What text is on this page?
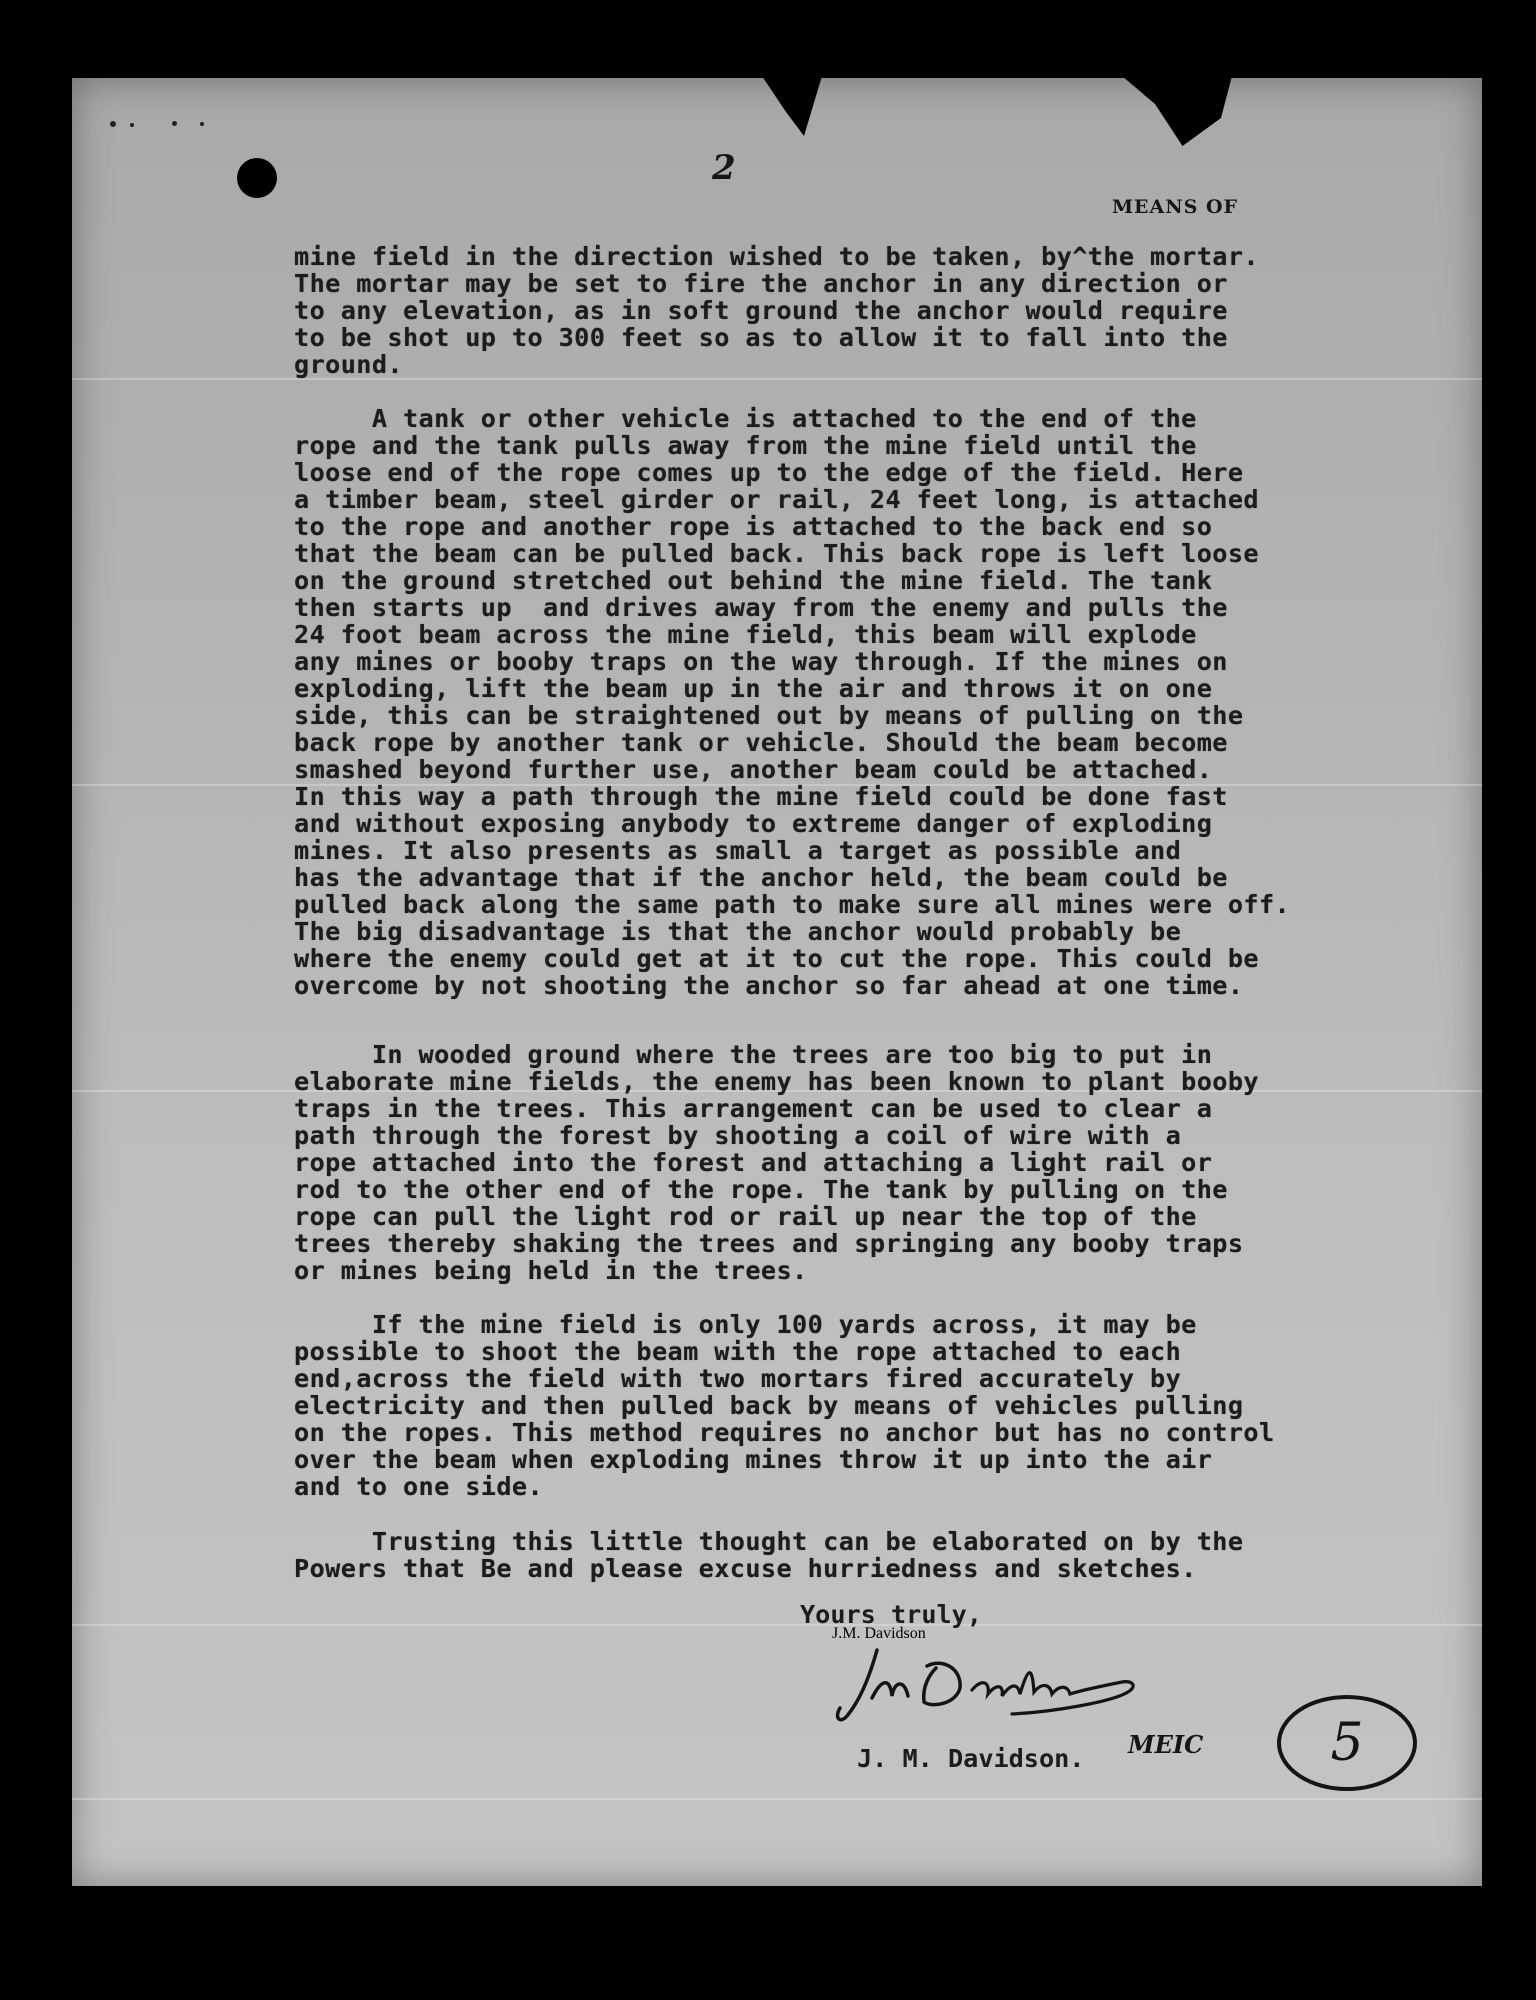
2
MEANS OF
mine field in the direction wished to be taken, by^the mortar.
The mortar may be set to fire the anchor in any direction or
to any elevation, as in soft ground the anchor would require
to be shot up to 300 feet so as to allow it to fall into the
ground.
A tank or other vehicle is attached to the end of the
rope and the tank pulls away from the mine field until the
loose end of the rope comes up to the edge of the field. Here
a timber beam, steel girder or rail, 24 feet long, is attached
to the rope and another rope is attached to the back end so
that the beam can be pulled back. This back rope is left loose
on the ground stretched out behind the mine field. The tank
then starts up  and drives away from the enemy and pulls the
24 foot beam across the mine field, this beam will explode
any mines or booby traps on the way through. If the mines on
exploding, lift the beam up in the air and throws it on one
side, this can be straightened out by means of pulling on the
back rope by another tank or vehicle. Should the beam become
smashed beyond further use, another beam could be attached.
In this way a path through the mine field could be done fast
and without exposing anybody to extreme danger of exploding
mines. It also presents as small a target as possible and
has the advantage that if the anchor held, the beam could be
pulled back along the same path to make sure all mines were off.
The big disadvantage is that the anchor would probably be
where the enemy could get at it to cut the rope. This could be
overcome by not shooting the anchor so far ahead at one time.
In wooded ground where the trees are too big to put in
elaborate mine fields, the enemy has been known to plant booby
traps in the trees. This arrangement can be used to clear a
path through the forest by shooting a coil of wire with a
rope attached into the forest and attaching a light rail or
rod to the other end of the rope. The tank by pulling on the
rope can pull the light rod or rail up near the top of the
trees thereby shaking the trees and springing any booby traps
or mines being held in the trees.
If the mine field is only 100 yards across, it may be
possible to shoot the beam with the rope attached to each
end,across the field with two mortars fired accurately by
electricity and then pulled back by means of vehicles pulling
on the ropes. This method requires no anchor but has no control
over the beam when exploding mines throw it up into the air
and to one side.
Trusting this little thought can be elaborated on by the
Powers that Be and please excuse hurriedness and sketches.
Yours truly,
J.M. Davidson
J. M. Davidson. MEIC 5
